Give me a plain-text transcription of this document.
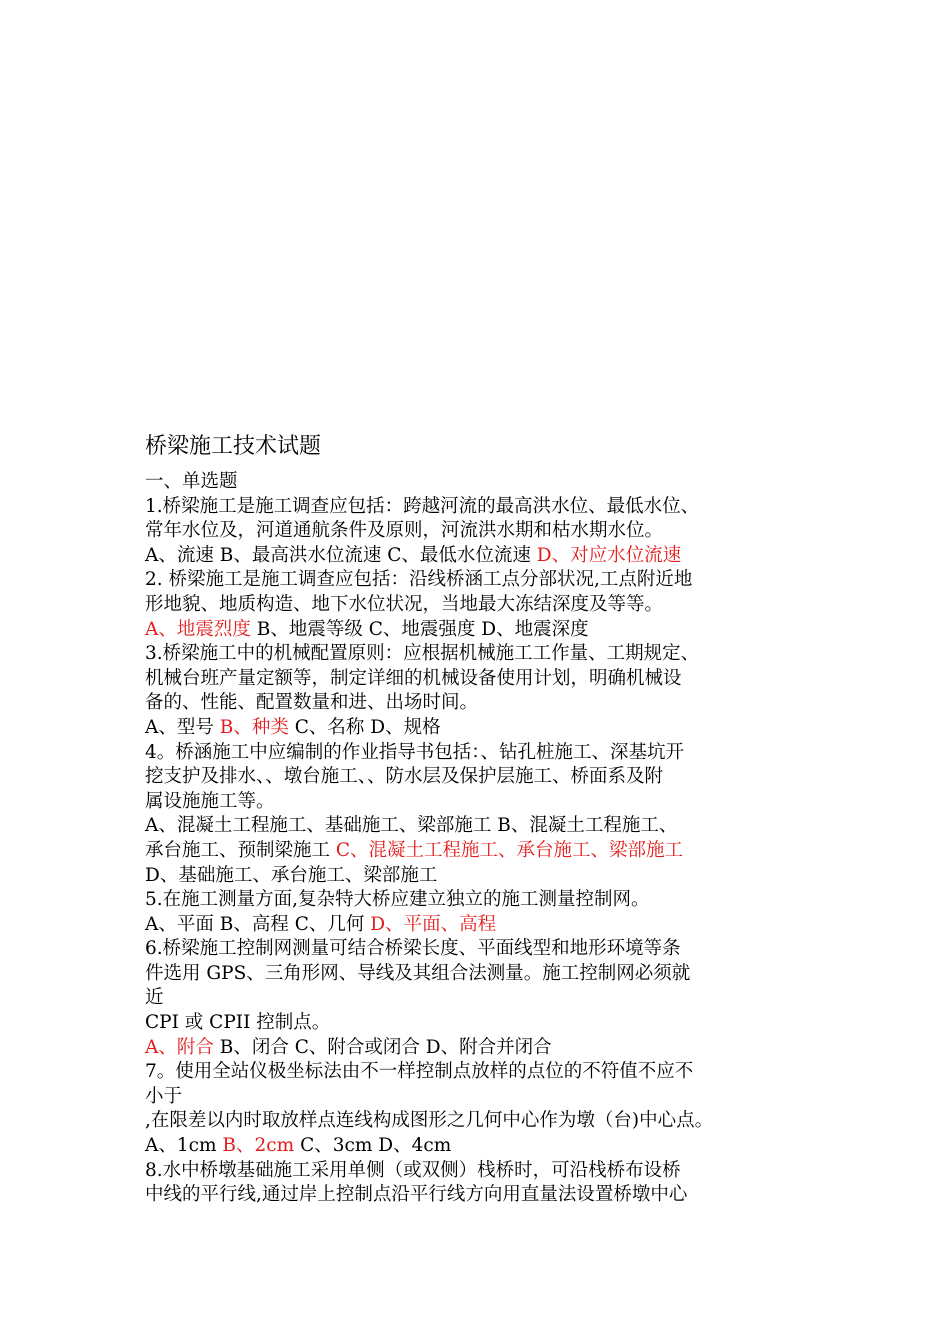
桥梁施工技术试题
一、单选题
1.桥梁施工是施工调查应包括：跨越河流的最高洪水位、最低水位、
常年水位及，河道通航条件及原则，河流洪水期和枯水期水位。
A、流速 B、最高洪水位流速 C、最低水位流速 D、对应水位流速
2. 桥梁施工是施工调查应包括：沿线桥涵工点分部状况,工点附近地
形地貌、地质构造、地下水位状况，当地最大冻结深度及等等。
A、地震烈度 B、地震等级 C、地震强度 D、地震深度
3.桥梁施工中的机械配置原则：应根据机械施工工作量、工期规定、
机械台班产量定额等，制定详细的机械设备使用计划，明确机械设
备的、性能、配置数量和进、出场时间。
A、型号 B、种类 C、名称 D、规格
4。桥涵施工中应编制的作业指导书包括：、钻孔桩施工、深基坑开
挖支护及排水、、墩台施工、、防水层及保护层施工、桥面系及附
属设施施工等。
A、混凝土工程施工、基础施工、梁部施工 B、混凝土工程施工、
承台施工、预制梁施工 C、混凝土工程施工、承台施工、梁部施工
D、基础施工、承台施工、梁部施工
5.在施工测量方面,复杂特大桥应建立独立的施工测量控制网。
A、平面 B、高程 C、几何 D、平面、高程
6.桥梁施工控制网测量可结合桥梁长度、平面线型和地形环境等条
件选用 GPS、三角形网、导线及其组合法测量。施工控制网必须就
近
CPI 或 CPII 控制点。
A、附合 B、闭合 C、附合或闭合 D、附合并闭合
7。使用全站仪极坐标法由不一样控制点放样的点位的不符值不应不
小于
,在限差以内时取放样点连线构成图形之几何中心作为墩（台)中心点。
A、1cm B、2cm C、3cm D、4cm
8.水中桥墩基础施工采用单侧（或双侧）栈桥时，可沿栈桥布设桥
中线的平行线,通过岸上控制点沿平行线方向用直量法设置桥墩中心
